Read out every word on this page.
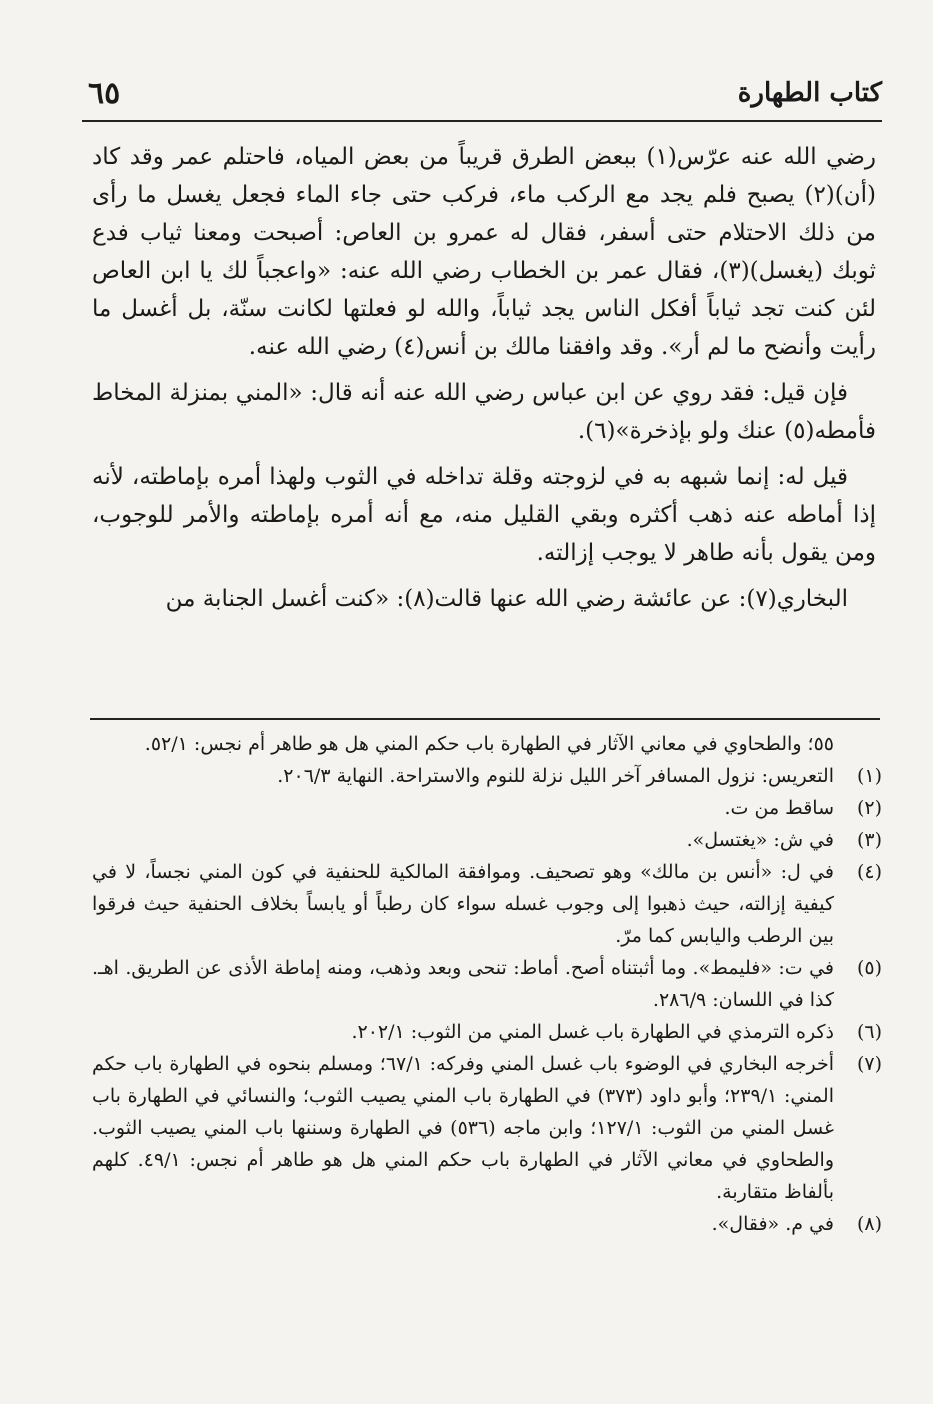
كتاب الطهارة
٦٥

رضي الله عنه عرّس(١) ببعض الطرق قريباً من بعض المياه، فاحتلم عمر وقد كاد (أن)(٢) يصبح فلم يجد مع الركب ماء، فركب حتى جاء الماء فجعل يغسل ما رأى من ذلك الاحتلام حتى أسفر، فقال له عمرو بن العاص: أصبحت ومعنا ثياب فدع ثوبك (يغسل)(٣)، فقال عمر بن الخطاب رضي الله عنه: «واعجباً لك يا ابن العاص لئن كنت تجد ثياباً أفكل الناس يجد ثياباً، والله لو فعلتها لكانت سنّة، بل أغسل ما رأيت وأنضح ما لم أر». وقد وافقنا مالك بن أنس(٤) رضي الله عنه.

فإن قيل: فقد روي عن ابن عباس رضي الله عنه أنه قال: «المني بمنزلة المخاط فأمطه(٥) عنك ولو بإذخرة»(٦).

قيل له: إنما شبهه به في لزوجته وقلة تداخله في الثوب ولهذا أمره بإماطته، لأنه إذا أماطه عنه ذهب أكثره وبقي القليل منه، مع أنه أمره بإماطته والأمر للوجوب، ومن يقول بأنه طاهر لا يوجب إزالته.

البخاري(٧): عن عائشة رضي الله عنها قالت(٨): «كنت أغسل الجنابة من

٥٥؛ والطحاوي في معاني الآثار في الطهارة باب حكم المني هل هو طاهر أم نجس: ٥٢/١.

(١)
التعريس: نزول المسافر آخر الليل نزلة للنوم والاستراحة. النهاية ٢٠٦/٣.
(٢)
ساقط من ت.
(٣)
في ش: «يغتسل».
(٤)
في ل: «أنس بن مالك» وهو تصحيف. وموافقة المالكية للحنفية في كون المني نجساً، لا في كيفية إزالته، حيث ذهبوا إلى وجوب غسله سواء كان رطباً أو يابساً بخلاف الحنفية حيث فرقوا بين الرطب واليابس كما مرّ.
(٥)
في ت: «فليمط». وما أثبتناه أصح. أماط: تنحى وبعد وذهب، ومنه إماطة الأذى عن الطريق. اهـ. كذا في اللسان: ٢٨٦/٩.
(٦)
ذكره الترمذي في الطهارة باب غسل المني من الثوب: ٢٠٢/١.
(٧)
أخرجه البخاري في الوضوء باب غسل المني وفركه: ٦٧/١؛ ومسلم بنحوه في الطهارة باب حكم المني: ٢٣٩/١؛ وأبو داود (٣٧٣) في الطهارة باب المني يصيب الثوب؛ والنسائي في الطهارة باب غسل المني من الثوب: ١٢٧/١؛ وابن ماجه (٥٣٦) في الطهارة وسننها باب المني يصيب الثوب. والطحاوي في معاني الآثار في الطهارة باب حكم المني هل هو طاهر أم نجس: ٤٩/١. كلهم بألفاظ متقاربة.
(٨)
في م. «فقال».
